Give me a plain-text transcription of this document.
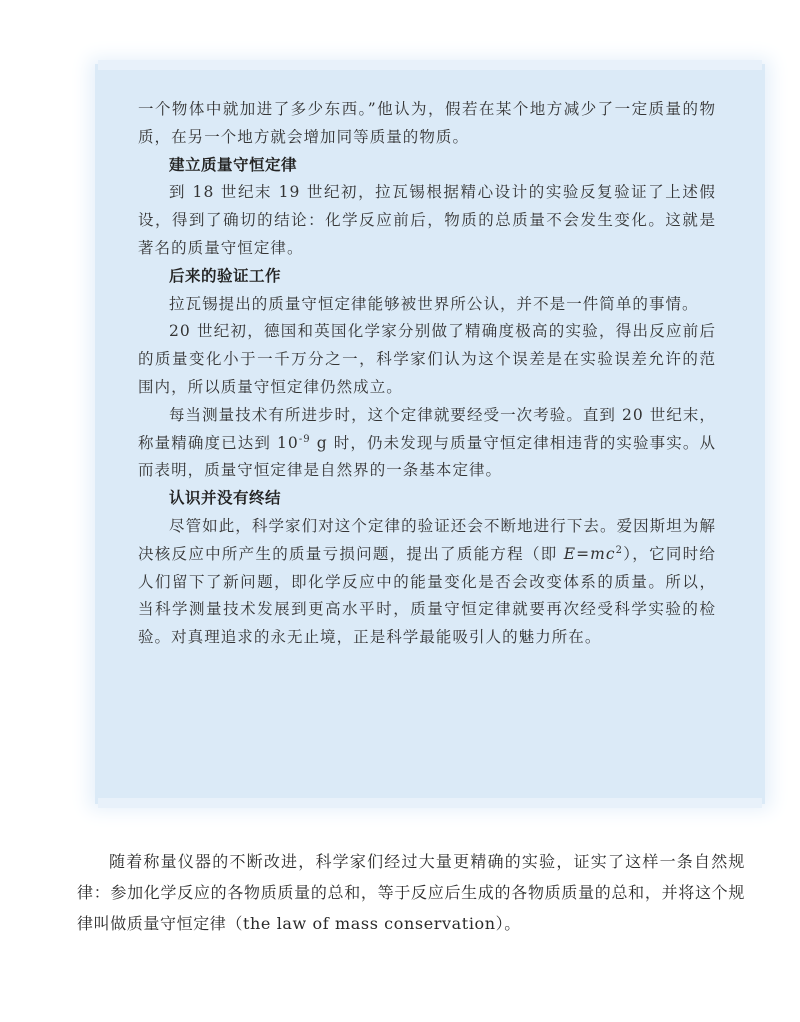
一个物体中就加进了多少东西。”他认为，假若在某个地方减少了一定质量的物质，在另一个地方就会增加同等质量的物质。

建立质量守恒定律

到 18 世纪末 19 世纪初，拉瓦锡根据精心设计的实验反复验证了上述假设，得到了确切的结论：化学反应前后，物质的总质量不会发生变化。这就是著名的质量守恒定律。

后来的验证工作

拉瓦锡提出的质量守恒定律能够被世界所公认，并不是一件简单的事情。

20 世纪初，德国和英国化学家分别做了精确度极高的实验，得出反应前后的质量变化小于一千万分之一，科学家们认为这个误差是在实验误差允许的范围内，所以质量守恒定律仍然成立。

每当测量技术有所进步时，这个定律就要经受一次考验。直到 20 世纪末，称量精确度已达到 $10^{-9}$ g 时，仍未发现与质量守恒定律相违背的实验事实。从而表明，质量守恒定律是自然界的一条基本定律。

认识并没有终结

尽管如此，科学家们对这个定律的验证还会不断地进行下去。爱因斯坦为解决核反应中所产生的质量亏损问题，提出了质能方程（即 $E=mc^2$），它同时给人们留下了新问题，即化学反应中的能量变化是否会改变体系的质量。所以，当科学测量技术发展到更高水平时，质量守恒定律就要再次经受科学实验的检验。对真理追求的永无止境，正是科学最能吸引人的魅力所在。

随着称量仪器的不断改进，科学家们经过大量更精确的实验，证实了这样一条自然规律：参加化学反应的各物质质量的总和，等于反应后生成的各物质质量的总和，并将这个规律叫做质量守恒定律（the law of mass conservation）。
